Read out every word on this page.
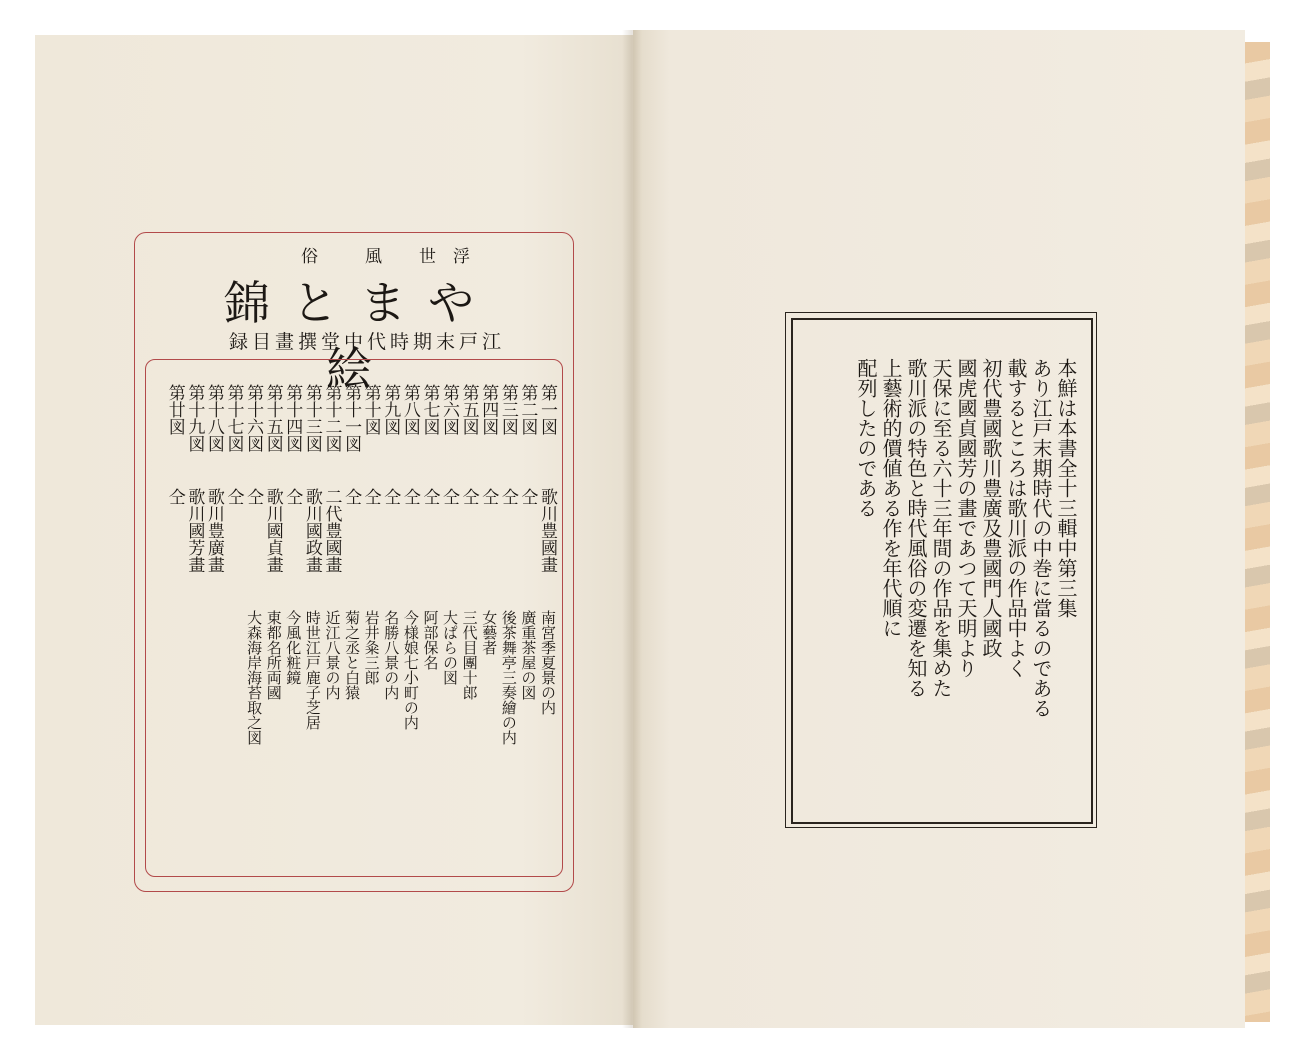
浮
世
風
俗
やまと錦絵
江戸末期時代中堂撰畫目録
第一図
第二図
第三図
第四図
第五図
第六図
第七図
第八図
第九図
第十図
第十一図
第十二図
第十三図
第十四図
第十五図
第十六図
第十七図
第十八図
第十九図
第廿図
歌川豊國畫
仝
仝
仝
仝
仝
仝
仝
仝
仝
仝
二代豊國畫
歌川國政畫
仝
歌川國貞畫
仝
仝
歌川豊廣畫
歌川國芳畫
仝
南宮季夏景の内
廣重茶屋の図
後茶舞亭三奏繪の内
女藝者
三代目團十郎
大ぱらの図
阿部保名
今様娘七小町の内
名勝八景の内
岩井粂三郎
菊之丞と白猿
近江八景の内
時世江戸鹿子芝居
今風化粧鏡
東都名所両國
大森海岸海苔取之図
本鮮は本書全十三輯中第三集
あり江戸末期時代の中巻に當るのである
載するところは歌川派の作品中よく
初代豊國歌川豊廣及豊國門人國政
國虎國貞國芳の畫であつて天明より
天保に至る六十三年間の作品を集めた
歌川派の特色と時代風俗の変遷を知る
上藝術的價値ある作を年代順に
配列したのである
